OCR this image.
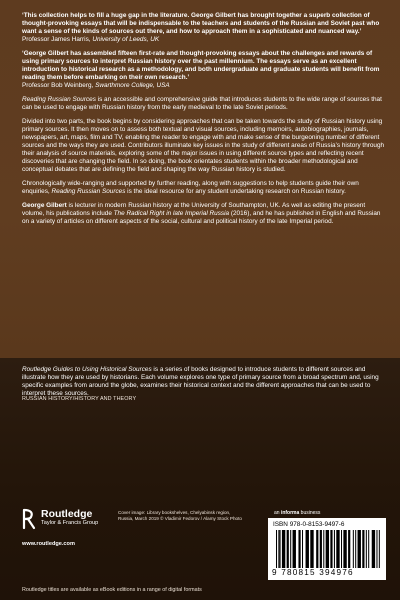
‘This collection helps to fill a huge gap in the literature. George Gilbert has brought together a superb collection of thought-provoking essays that will be indispensable to the teachers and students of the Russian and Soviet past who want a sense of the kinds of sources out there, and how to approach them in a sophisticated and nuanced way.’
Professor James Harris, University of Leeds, UK

‘George Gilbert has assembled fifteen first-rate and thought-provoking essays about the challenges and rewards of using primary sources to interpret Russian history over the past millennium. The essays serve as an excellent introduction to historical research as a methodology, and both undergraduate and graduate students will benefit from reading them before embarking on their own research.’
Professor Bob Weinberg, Swarthmore College, USA

Reading Russian Sources is an accessible and comprehensive guide that introduces students to the wide range of sources that can be used to engage with Russian history from the early medieval to the late Soviet periods.

Divided into two parts, the book begins by considering approaches that can be taken towards the study of Russian history using primary sources. It then moves on to assess both textual and visual sources, including memoirs, autobiographies, journals, newspapers, art, maps, film and TV, enabling the reader to engage with and make sense of the burgeoning number of different sources and the ways they are used. Contributors illuminate key issues in the study of different areas of Russia’s history through their analysis of source materials, exploring some of the major issues in using different source types and reflecting recent discoveries that are changing the field. In so doing, the book orientates students within the broader methodological and conceptual debates that are defining the field and shaping the way Russian history is studied.

Chronologically wide-ranging and supported by further reading, along with suggestions to help students guide their own enquiries, Reading Russian Sources is the ideal resource for any student undertaking research on Russian history.

George Gilbert is lecturer in modern Russian history at the University of Southampton, UK. As well as editing the present volume, his publications include The Radical Right in late Imperial Russia (2016), and he has published in English and Russian on a variety of articles on different aspects of the social, cultural and political history of the late Imperial period.

Routledge Guides to Using Historical Sources is a series of books designed to introduce students to different sources and illustrate how they are used by historians. Each volume explores one type of primary source from a broad spectrum and, using specific examples from around the globe, examines their historical context and the different approaches that can be used to interpret these sources.

RUSSIAN HISTORY/HISTORY AND THEORY
Routledge
Taylor & Francis Group
www.routledge.com
Cover image: Library bookshelves, Chelyabinsk region, Russia, March 2019 © Vladimir Fedorov / Alamy Stock Photo
an informa business
ISBN 978-0-8153-9497-6
9 780815 394976
Routledge titles are available as eBook editions in a range of digital formats
